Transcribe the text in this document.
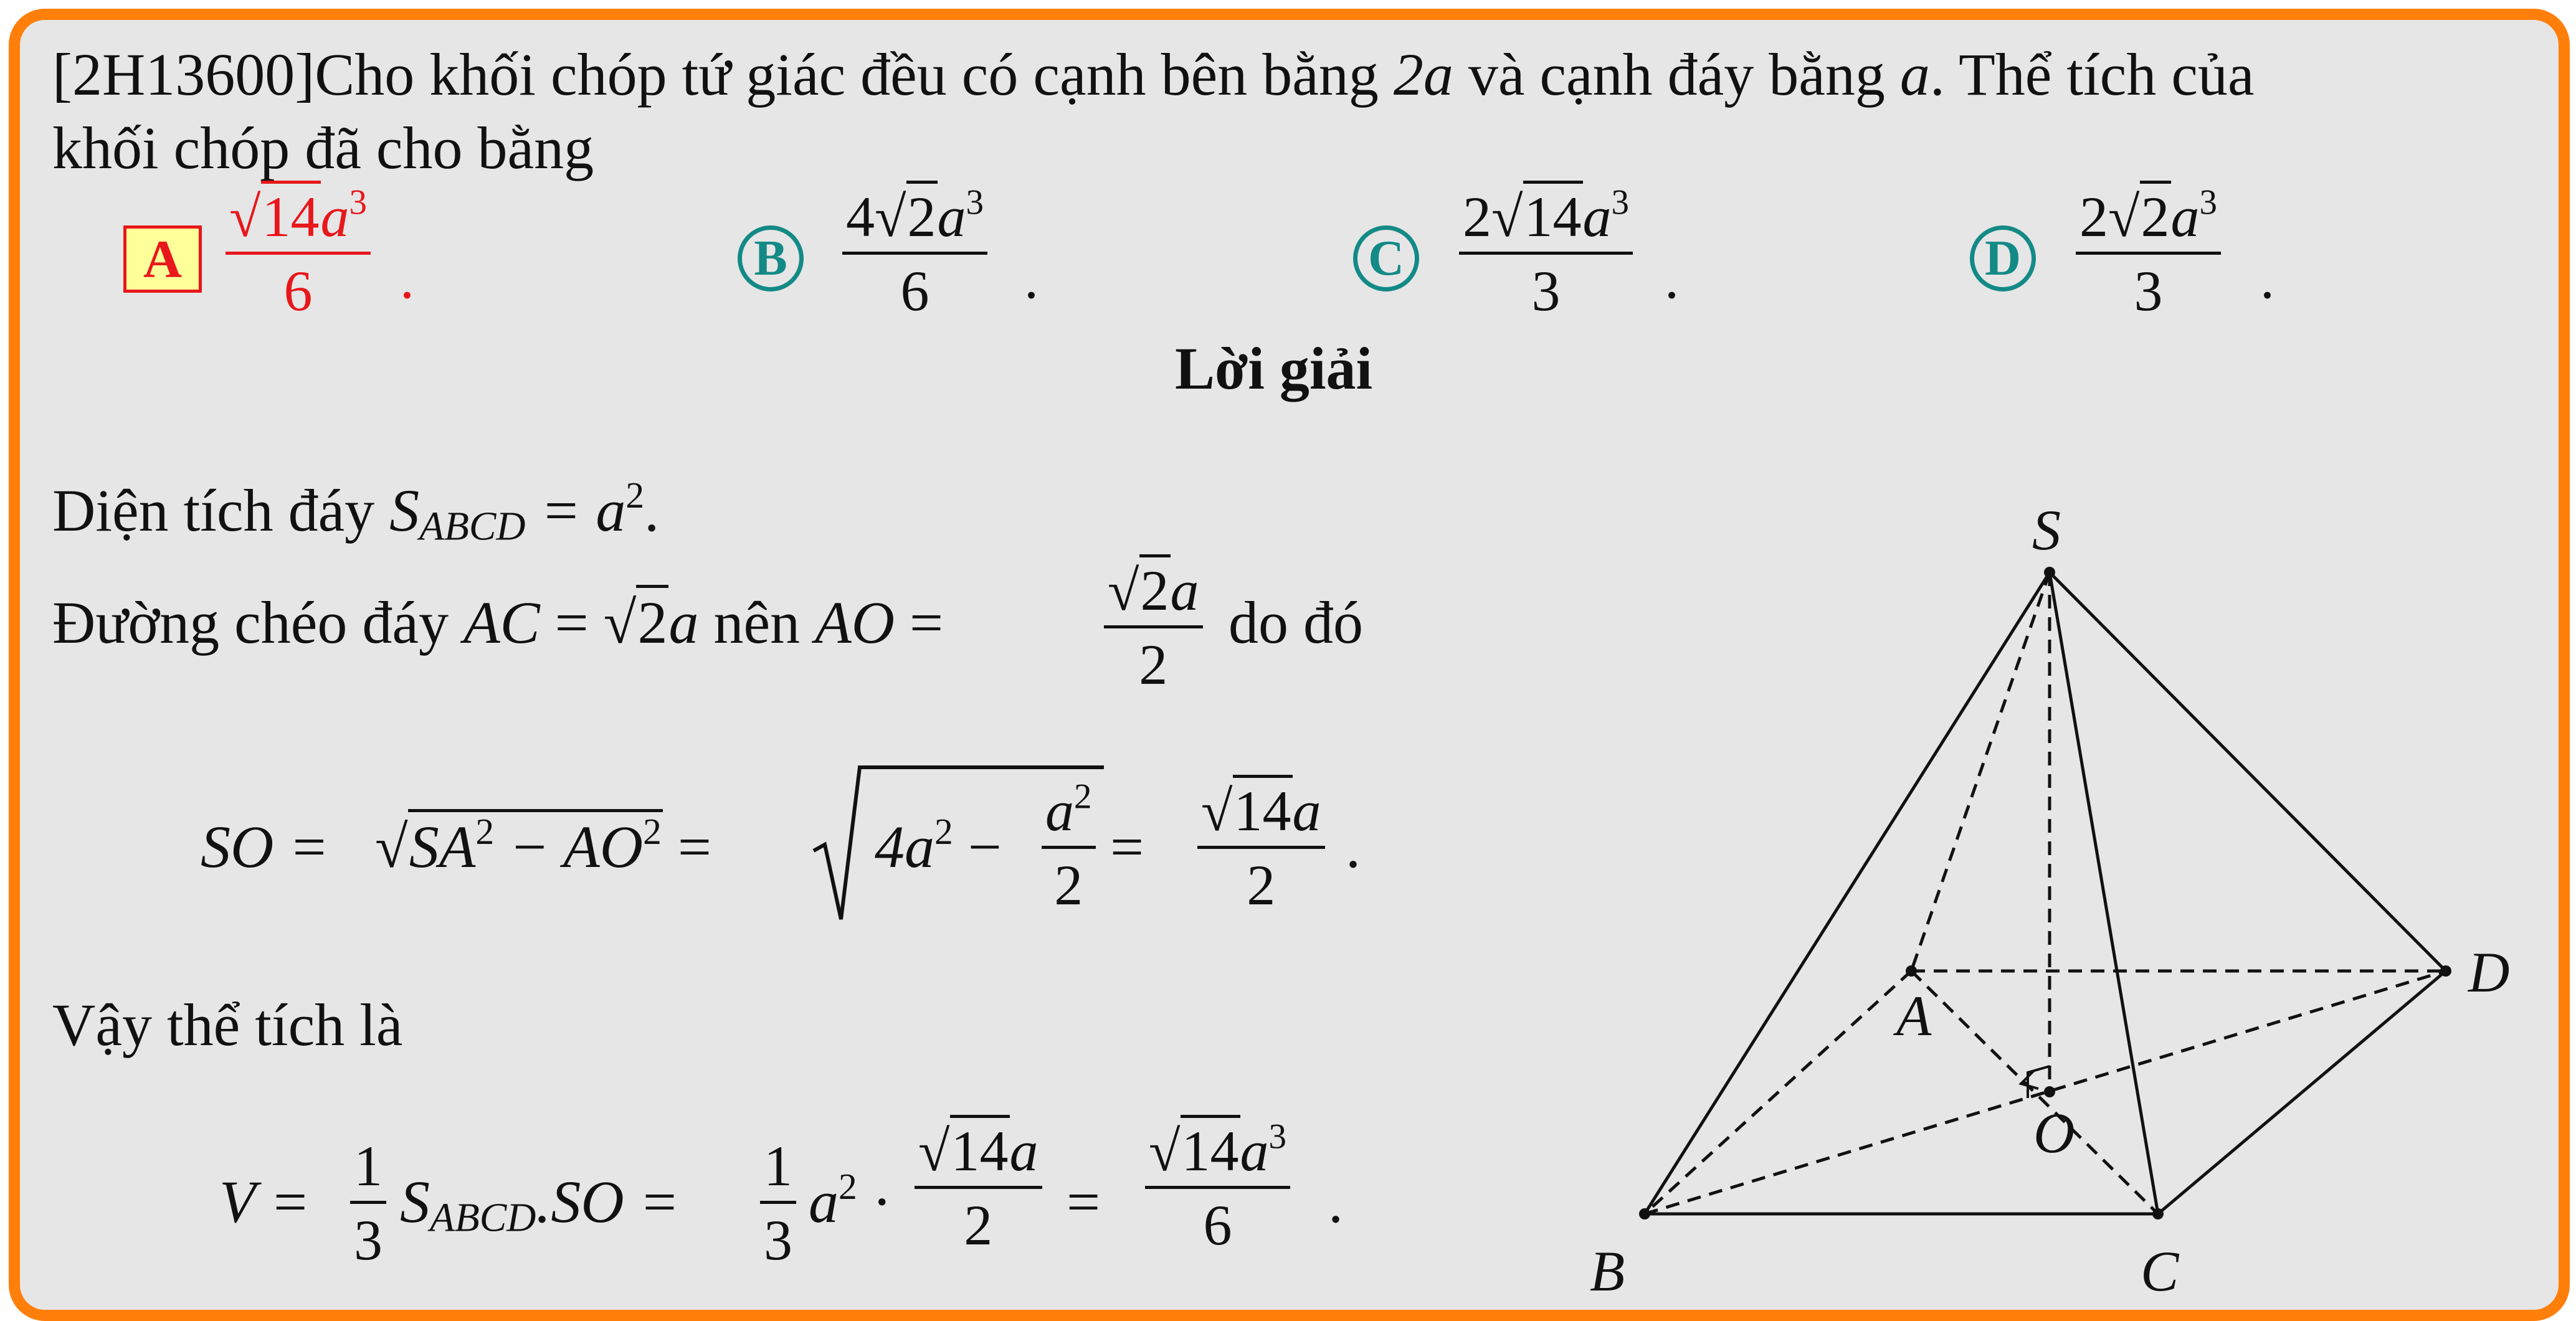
[2H13600]Cho khối chóp tứ giác đều có cạnh bên bằng 2a và cạnh đáy bằng a. Thể tích của
khối chóp đã cho bằng
A
$√14a^3$
6 .	B
$4√2a^3$
6 .	C
$2√14a^3$
3 .	D
$2√2a^3$
3 .
Lời giải
Diện tích đáy $S_{ABCD} = a^2$.
Đường chéo đáy AC = √2a nên AO =	√2a
2
do đó
SO = $√SA^2 - AO^2$ =	$4a^2$ −
$a^2$
2
=
√14a
2
.
Vậy thể tích là
V =
1
3
$S_{ABCD}.SO$ =
1
3
$a^2$ ·
√14a
2 =
$√14a^3$
6 .
S
A
B	C
D
O
